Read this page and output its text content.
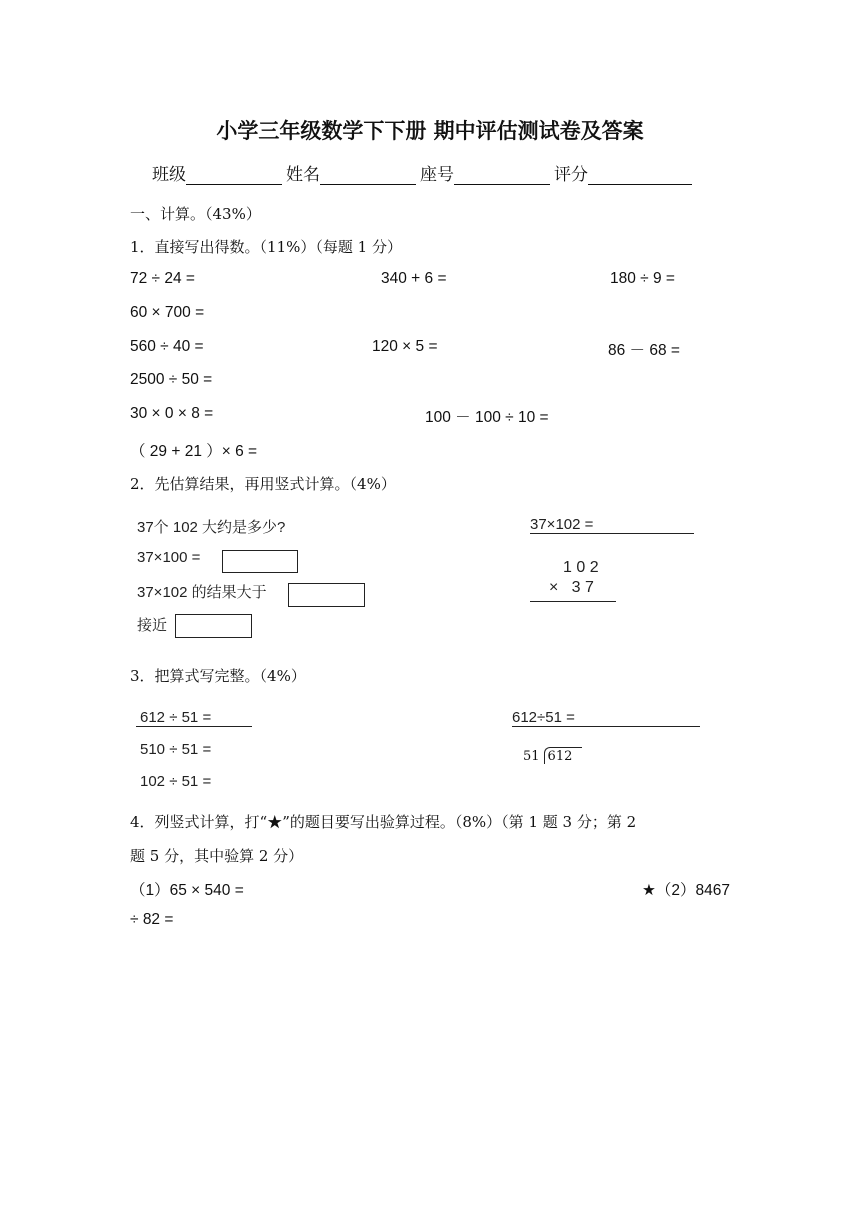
小学三年级数学下下册 期中评估测试卷及答案
班级	姓名	座号	评分
一、计算。（43%）
1．直接写出得数。（11%）（每题 1 分）
72 ÷ 24 =	340 + 6 =	180 ÷ 9 =
60 × 700 =
560 ÷ 40 =	120 × 5 =	86 － 68 =
2500 ÷ 50 =
30 × 0 × 8 =	100 － 100 ÷ 10 =
（ 29 + 21 ）× 6 =
2．先估算结果，再用竖式计算。（4%）
37个 102 大约是多少?
37×100 =
37×102 的结果大于
接近
37×102 =
1 0 2
×   3 7
3．把算式写完整。（4%）
612 ÷ 51 =
510 ÷ 51 =
102 ÷ 51 =
612÷51 =
51 612
4．列竖式计算，打“★”的题目要写出验算过程。（8%）（第 1 题 3 分；第 2
题 5 分，其中验算 2 分）
（1）65 × 540 =	★（2）8467
÷ 82 =
